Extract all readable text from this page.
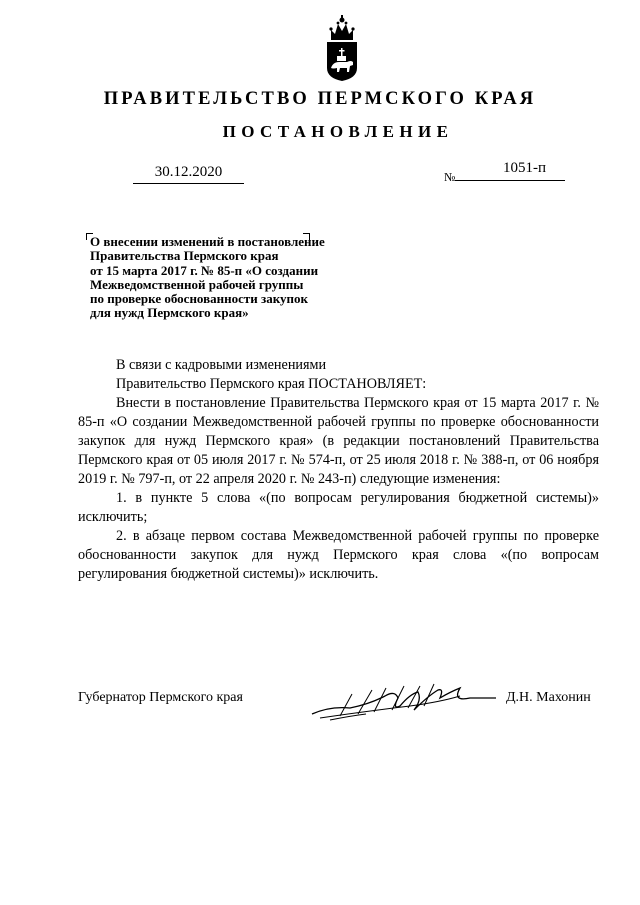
ПРАВИТЕЛЬСТВО ПЕРМСКОГО КРАЯ
ПОСТАНОВЛЕНИЕ
30.12.2020	№
1051-п
О внесении изменений в постановление
Правительства Пермского края
от 15 марта 2017 г. № 85-п «О создании
Межведомственной рабочей группы
по проверке обоснованности закупок
для нужд Пермского края»

В связи с кадровыми изменениями

Правительство Пермского края ПОСТАНОВЛЯЕТ:

Внести в постановление Правительства Пермского края от 15 марта 2017 г. № 85-п «О создании Межведомственной рабочей группы по проверке обоснованности закупок для нужд Пермского края» (в редакции постановлений Правительства Пермского края от 05 июля 2017 г. № 574-п, от 25 июля 2018 г. № 388-п, от 06 ноября 2019 г. № 797-п, от 22 апреля 2020 г. № 243-п) следующие изменения:

1. в пункте 5 слова «(по вопросам регулирования бюджетной системы)» исключить;

2. в абзаце первом состава Межведомственной рабочей группы по проверке обоснованности закупок для нужд Пермского края слова «(по вопросам регулирования бюджетной системы)» исключить.

Губернатор Пермского края	Д.Н. Махонин
